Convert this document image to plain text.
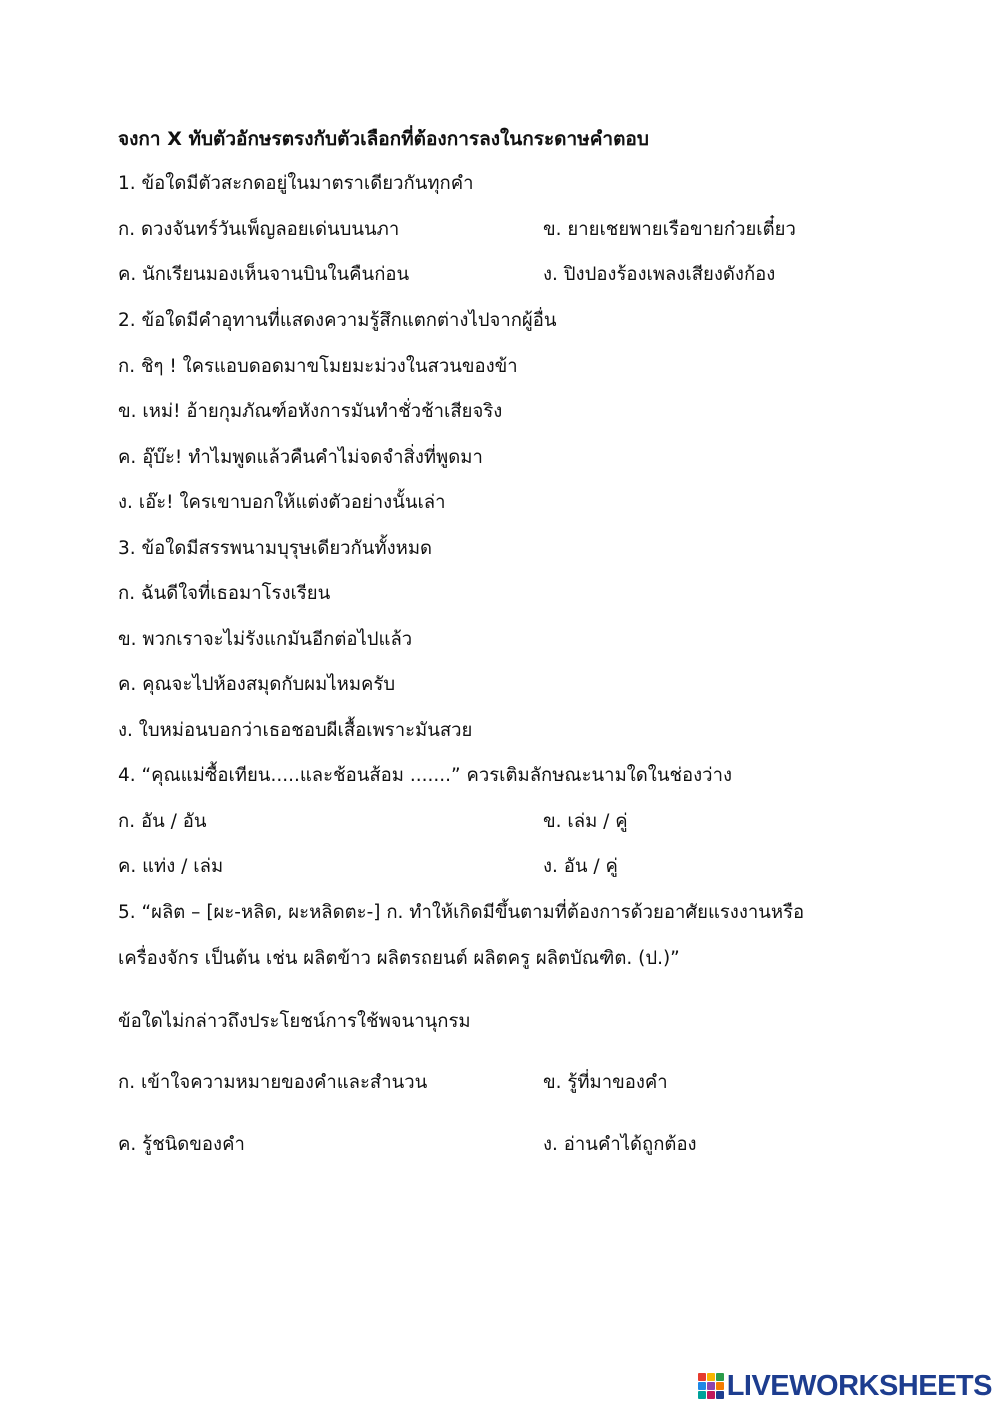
จงกา X ทับตัวอักษรตรงกับตัวเลือกที่ต้องการลงในกระดาษคำตอบ
1. ข้อใดมีตัวสะกดอยู่ในมาตราเดียวกันทุกคำ
ก. ดวงจันทร์วันเพ็ญลอยเด่นบนนภา	ข. ยายเชยพายเรือขายก๋วยเตี๋ยว
ค. นักเรียนมองเห็นจานบินในคืนก่อน	ง. ปิงปองร้องเพลงเสียงดังก้อง
2. ข้อใดมีคำอุทานที่แสดงความรู้สึกแตกต่างไปจากผู้อื่น
ก. ชิๆ ! ใครแอบดอดมาขโมยมะม่วงในสวนของข้า
ข. เหม่! อ้ายกุมภัณฑ์อหังการมันทำชั่วช้าเสียจริง
ค. อุ๊บ๊ะ! ทำไมพูดแล้วคืนคำไม่จดจำสิ่งที่พูดมา
ง. เอ๊ะ! ใครเขาบอกให้แต่งตัวอย่างนั้นเล่า
3. ข้อใดมีสรรพนามบุรุษเดียวกันทั้งหมด
ก. ฉันดีใจที่เธอมาโรงเรียน
ข. พวกเราจะไม่รังแกมันอีกต่อไปแล้ว
ค. คุณจะไปห้องสมุดกับผมไหมครับ
ง. ใบหม่อนบอกว่าเธอชอบผีเสื้อเพราะมันสวย
4. “คุณแม่ซื้อเทียน.....และช้อนส้อม .......” ควรเติมลักษณะนามใดในช่องว่าง
ก. อัน / อัน	ข. เล่ม / คู่
ค. แท่ง / เล่ม	ง. อัน / คู่
5. “ผลิต – [ผะ-หลิด, ผะหลิดตะ-] ก. ทำให้เกิดมีขึ้นตามที่ต้องการด้วยอาศัยแรงงานหรือ
เครื่องจักร เป็นต้น เช่น ผลิตข้าว ผลิตรถยนต์ ผลิตครู ผลิตบัณฑิต. (ป.)”
ข้อใดไม่กล่าวถึงประโยชน์การใช้พจนานุกรม
ก. เข้าใจความหมายของคำและสำนวน	ข. รู้ที่มาของคำ
ค. รู้ชนิดของคำ	ง. อ่านคำได้ถูกต้อง
LIVEWORKSHEETS
